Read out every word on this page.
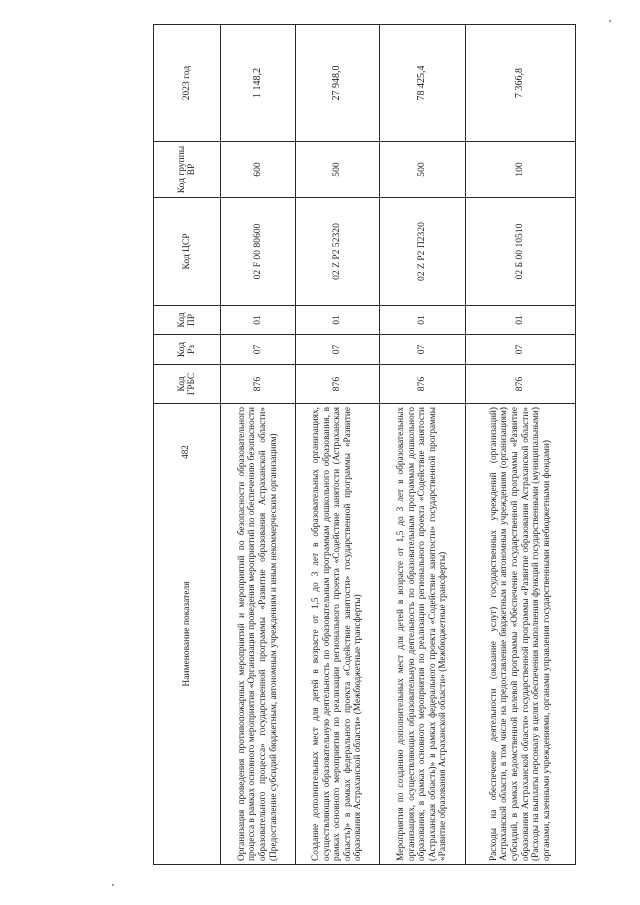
482
Наименование показателя	Код ГРБС	Код Рз	Код ПР	Код ЦСР	Код группы ВР	2023 год
Организация проведения противопожарных мероприятий и мероприятий по безопасности образовательного процесса в рамках основного мероприятия «Организация проведения мероприятий по обеспечению безопасности образовательного процесса» государственной программы «Развитие образования Астраханской области» (Предоставление субсидий бюджетным, автономным учреждениям и иным некоммерческим организациям)	876	07	01	02 F 00 80600	600	1 148,2
Создание дополнительных мест для детей в возрасте от 1,5 до 3 лет в образовательных организациях, осуществляющих образовательную деятельность по образовательным программам дошкольного образования, в рамках основного мероприятия по реализации регионального проекта «Содействие занятости (Астраханская область)» в рамках федерального проекта «Содействие занятости» государственной программы «Развитие образования Астраханской области» (Межбюджетные трансферты)	876	07	01	02 Z P2 52320	500	27 948,0
Мероприятия по созданию дополнительных мест для детей в возрасте от 1,5 до 3 лет в образовательных организациях, осуществляющих образовательную деятельность по образовательным программам дошкольного образования, в рамках основного мероприятия по реализации регионального проекта «Содействие занятости (Астраханская область)» в рамках федерального проекта «Содействие занятости» государственной программы «Развитие образования Астраханской области» (Межбюджетные трансферты)	876	07	01	02 Z P2 П2320	500	78 425,4
Расходы на обеспечение деятельности (оказание услуг) государственных учреждений (организаций) Астраханской области, в том числе на предоставление бюджетным и автономным учреждениям (организациям) субсидий, в рамках ведомственной целевой программы «Обеспечение государственной программы «Развитие образования Астраханской области» государственной программы «Развитие образования Астраханской области» (Расходы на выплаты персоналу в целях обеспечения выполнения функций государственными (муниципальными) органами, казенными учреждениями, органами управления государственными внебюджетными фондами)	876	07	01	02 Б 00 10510	100	7 366,8
